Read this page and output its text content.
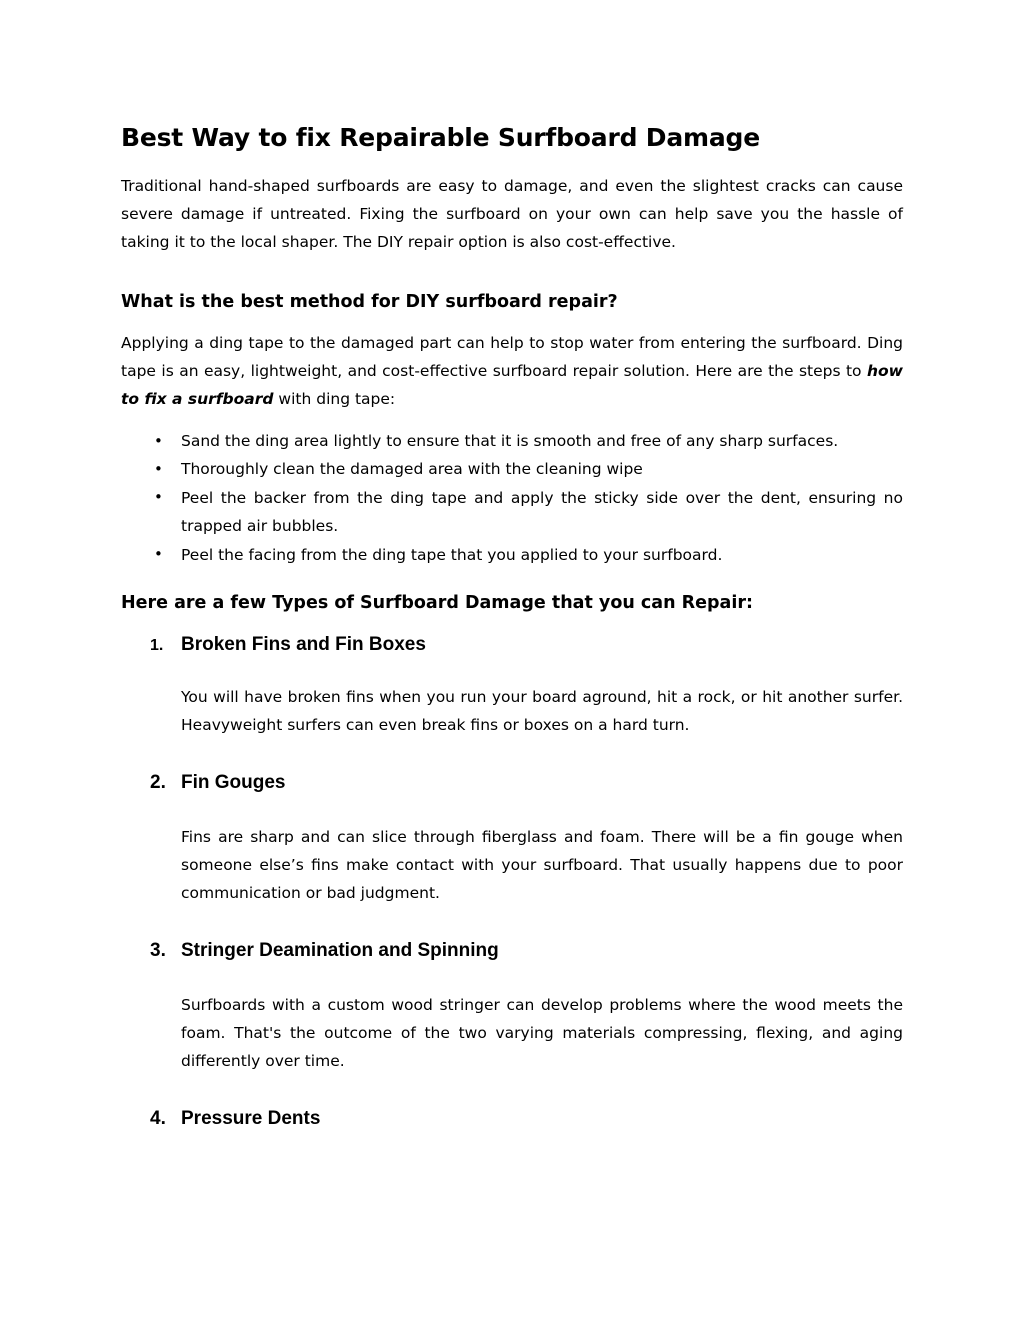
Best Way to fix Repairable Surfboard Damage

Traditional hand-shaped surfboards are easy to damage, and even the slightest cracks can cause severe damage if untreated. Fixing the surfboard on your own can help save you the hassle of taking it to the local shaper. The DIY repair option is also cost-effective.

What is the best method for DIY surfboard repair?

Applying a ding tape to the damaged part can help to stop water from entering the surfboard. Ding tape is an easy, lightweight, and cost-effective surfboard repair solution. Here are the steps to how to fix a surfboard with ding tape:

• Sand the ding area lightly to ensure that it is smooth and free of any sharp surfaces.
• Thoroughly clean the damaged area with the cleaning wipe
• Peel the backer from the ding tape and apply the sticky side over the dent, ensuring no trapped air bubbles.
• Peel the facing from the ding tape that you applied to your surfboard.
Here are a few Types of Surfboard Damage that you can Repair:
1. Broken Fins and Fin Boxes

You will have broken fins when you run your board aground, hit a rock, or hit another surfer. Heavyweight surfers can even break fins or boxes on a hard turn.

2. Fin Gouges

Fins are sharp and can slice through fiberglass and foam. There will be a fin gouge when someone else’s fins make contact with your surfboard. That usually happens due to poor communication or bad judgment.

3. Stringer Deamination and Spinning

Surfboards with a custom wood stringer can develop problems where the wood meets the foam. That's the outcome of the two varying materials compressing, flexing, and aging differently over time.

4. Pressure Dents
